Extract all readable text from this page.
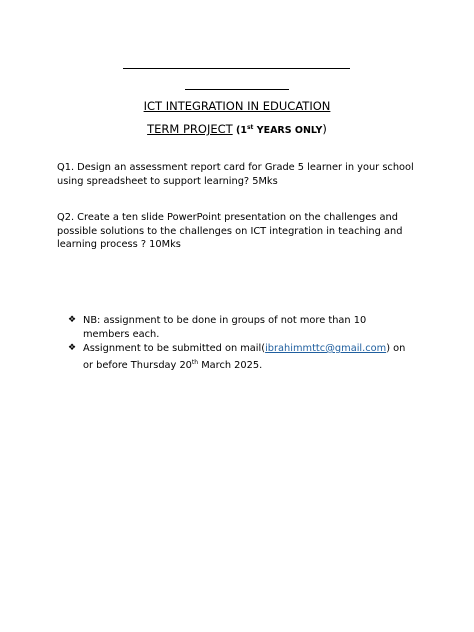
ICT INTEGRATION IN EDUCATION
TERM PROJECT (1st YEARS ONLY)
Q1. Design an assessment report card for Grade 5 learner in your school
using spreadsheet to support learning? 5Mks
Q2. Create a ten slide PowerPoint presentation on the challenges and
possible solutions to the challenges on ICT integration in teaching and
learning process ? 10Mks
❖ NB: assignment to be done in groups of not more than 10 members each.
❖ Assignment to be submitted on mail(ibrahimmttc@gmail.com) on or before Thursday 20th March 2025.
